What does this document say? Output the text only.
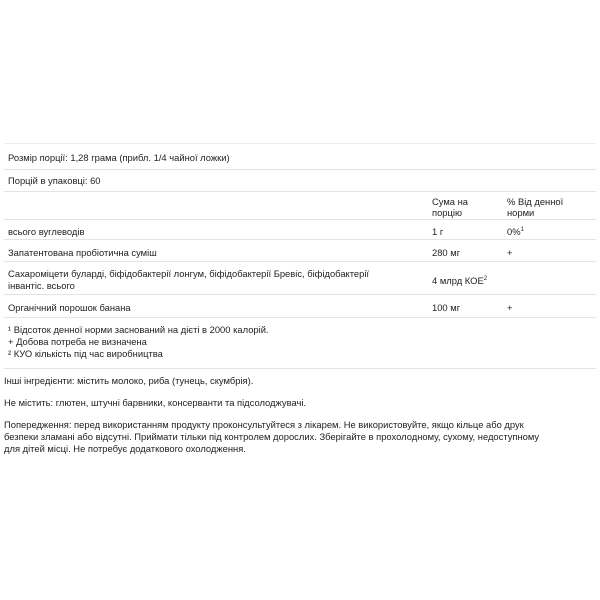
Розмір порції: 1,28 грама (прибл. 1/4 чайної ложки)
Порцій в упаковці: 60
Сума на
порцію
% Від денної
норми
всього вуглеводів	1 г	0%$^1$
Запатентована пробіотична суміш	280 мг	+
Сахароміцети буларді, біфідобактерії лонгум, біфідобактерії Бревіс, біфідобактерії
інвантіс. всього	4 млрд КОЕ$^2$
Органічний порошок банана	100 мг	+
¹ Відсоток денної норми заснований на дієті в 2000 калорій.
+ Добова потреба не визначена
² КУО кількість під час виробництва
Інші інгредієнти: містить молоко, риба (тунець, скумбрія).
Не містить: глютен, штучні барвники, консерванти та підсолоджувачі.
Попередження: перед використанням продукту проконсультуйтеся з лікарем. Не використовуйте, якщо кільце або друк
безпеки зламані або відсутні. Приймати тільки під контролем дорослих. Зберігайте в прохолодному, сухому, недоступному
для дітей місці. Не потребує додаткового охолодження.
